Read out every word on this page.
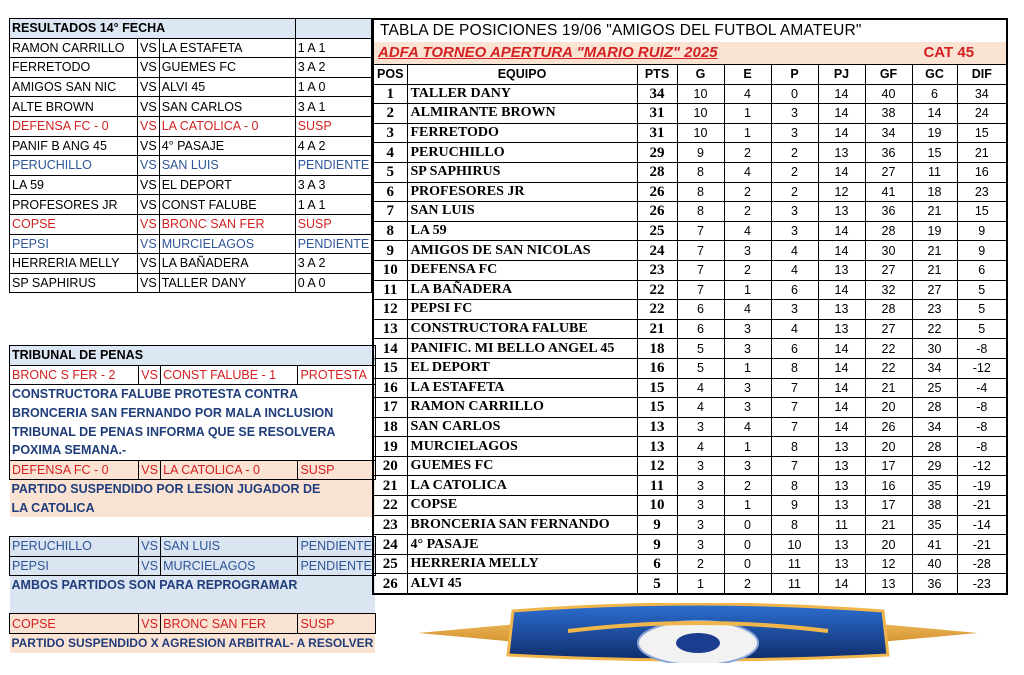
RESULTADOS 14° FECHA			
RAMON CARRILLO	VS	LA ESTAFETA	1 A 1
FERRETODO	VS	GUEMES FC	3 A 2
AMIGOS SAN NIC	VS	ALVI 45	1 A 0
ALTE BROWN	VS	SAN CARLOS	3 A 1
DEFENSA FC - 0	VS	LA CATOLICA - 0	SUSP
PANIF B ANG 45	VS	4° PASAJE	4 A 2
PERUCHILLO	VS	SAN LUIS	PENDIENTE
LA 59	VS	EL DEPORT	3 A 3
PROFESORES JR	VS	CONST FALUBE	1 A 1
COPSE	VS	BRONC SAN FER	SUSP
PEPSI	VS	MURCIELAGOS	PENDIENTE
HERRERIA MELLY	VS	LA BAÑADERA	3 A 2
SP SAPHIRUS	VS	TALLER DANY	0 A 0
TRIBUNAL DE PENAS			
BRONC S FER - 2	VS	CONST FALUBE - 1	PROTESTA
CONSTRUCTORA FALUBE PROTESTA CONTRA			
BRONCERIA SAN FERNANDO POR MALA INCLUSION			
TRIBUNAL DE PENAS INFORMA QUE SE RESOLVERA			
POXIMA SEMANA.-			
DEFENSA FC - 0	VS	LA CATOLICA - 0	SUSP
PARTIDO SUSPENDIDO POR LESION JUGADOR DE			
LA CATOLICA			

PERUCHILLO	VS	SAN LUIS	PENDIENTE
PEPSI	VS	MURCIELAGOS	PENDIENTE
AMBOS PARTIDOS SON PARA REPROGRAMAR			

COPSE	VS	BRONC SAN FER	SUSP
PARTIDO SUSPENDIDO X AGRESION ARBITRAL- A RESOLVER			
TABLA DE POSICIONES 19/06 "AMIGOS DEL FUTBOL AMATEUR"									
ADFA TORNEO APERTURA "MARIO RUIZ" 2025 CAT 45									

POS	EQUIPO	PTS	G	E	P	PJ	GF	GC	DIF
1	TALLER DANY	34	10	4	0	14	40	6	34
2	ALMIRANTE BROWN	31	10	1	3	14	38	14	24
3	FERRETODO	31	10	1	3	14	34	19	15
4	PERUCHILLO	29	9	2	2	13	36	15	21
5	SP SAPHIRUS	28	8	4	2	14	27	11	16
6	PROFESORES JR	26	8	2	2	12	41	18	23
7	SAN LUIS	26	8	2	3	13	36	21	15
8	LA 59	25	7	4	3	14	28	19	9
9	AMIGOS DE SAN NICOLAS	24	7	3	4	14	30	21	9
10	DEFENSA FC	23	7	2	4	13	27	21	6
11	LA BAÑADERA	22	7	1	6	14	32	27	5
12	PEPSI FC	22	6	4	3	13	28	23	5
13	CONSTRUCTORA FALUBE	21	6	3	4	13	27	22	5
14	PANIFIC. MI BELLO ANGEL 45	18	5	3	6	14	22	30	-8
15	EL DEPORT	16	5	1	8	14	22	34	-12
16	LA ESTAFETA	15	4	3	7	14	21	25	-4
17	RAMON CARRILLO	15	4	3	7	14	20	28	-8
18	SAN CARLOS	13	3	4	7	14	26	34	-8
19	MURCIELAGOS	13	4	1	8	13	20	28	-8
20	GUEMES FC	12	3	3	7	13	17	29	-12
21	LA CATOLICA	11	3	2	8	13	16	35	-19
22	COPSE	10	3	1	9	13	17	38	-21
23	BRONCERIA SAN FERNANDO	9	3	0	8	11	21	35	-14
24	4° PASAJE	9	3	0	10	13	20	41	-21
25	HERRERIA MELLY	6	2	0	11	13	12	40	-28
26	ALVI 45	5	1	2	11	14	13	36	-23
